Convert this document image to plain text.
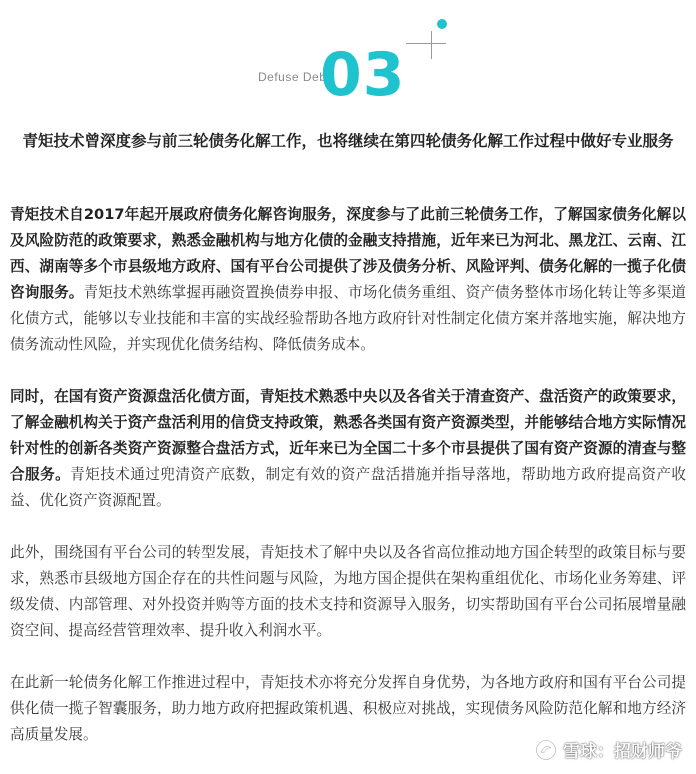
Defuse Debt
03
青矩技术曾深度参与前三轮债务化解工作，也将继续在第四轮债务化解工作过程中做好专业服务

青矩技术自2017年起开展政府债务化解咨询服务，深度参与了此前三轮债务工作，了解国家债务化解以及风险防范的政策要求，熟悉金融机构与地方化债的金融支持措施，近年来已为河北、黑龙江、云南、江西、湖南等多个市县级地方政府、国有平台公司提供了涉及债务分析、风险评判、债务化解的一揽子化债咨询服务。青矩技术熟练掌握再融资置换债券申报、市场化债务重组、资产债务整体市场化转让等多渠道化债方式，能够以专业技能和丰富的实战经验帮助各地方政府针对性制定化债方案并落地实施，解决地方债务流动性风险，并实现优化债务结构、降低债务成本。

同时，在国有资产资源盘活化债方面，青矩技术熟悉中央以及各省关于清查资产、盘活资产的政策要求，了解金融机构关于资产盘活利用的信贷支持政策，熟悉各类国有资产资源类型，并能够结合地方实际情况针对性的创新各类资产资源整合盘活方式，近年来已为全国二十多个市县提供了国有资产资源的清查与整合服务。青矩技术通过兜清资产底数，制定有效的资产盘活措施并指导落地，帮助地方政府提高资产收益、优化资产资源配置。

此外，围绕国有平台公司的转型发展，青矩技术了解中央以及各省高位推动地方国企转型的政策目标与要求，熟悉市县级地方国企存在的共性问题与风险，为地方国企提供在架构重组优化、市场化业务筹建、评级发债、内部管理、对外投资并购等方面的技术支持和资源导入服务，切实帮助国有平台公司拓展增量融资空间、提高经营管理效率、提升收入利润水平。

在此新一轮债务化解工作推进过程中，青矩技术亦将充分发挥自身优势，为各地方政府和国有平台公司提供化债一揽子智囊服务，助力地方政府把握政策机遇、积极应对挑战，实现债务风险防范化解和地方经济高质量发展。

雪球：招财师爷
